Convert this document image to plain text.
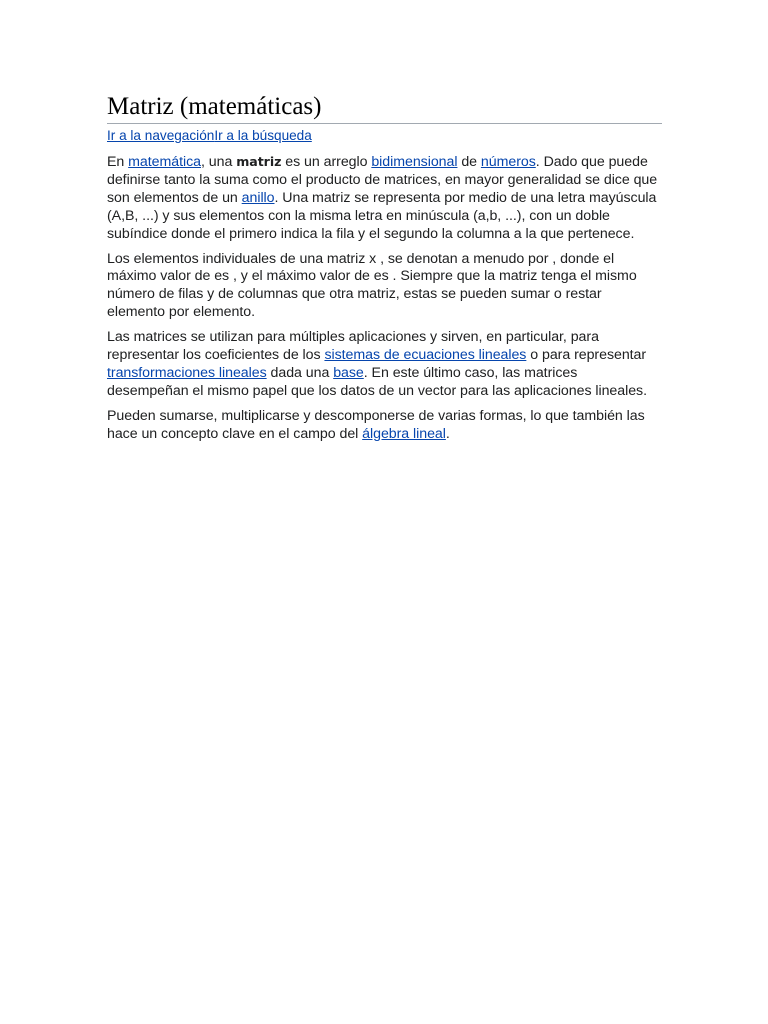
Matriz (matemáticas)
Ir a la navegaciónIr a la búsqueda

En matemática, una matriz es un arreglo bidimensional de números. Dado que puede definirse tanto la suma como el producto de matrices, en mayor generalidad se dice que son elementos de un anillo. Una matriz se representa por medio de una letra mayúscula (A,B, ...) y sus elementos con la misma letra en minúscula (a,b, ...), con un doble subíndice donde el primero indica la fila y el segundo la columna a la que pertenece.

Los elementos individuales de una matriz x , se denotan a menudo por , donde el máximo valor de es , y el máximo valor de es . Siempre que la matriz tenga el mismo número de filas y de columnas que otra matriz, estas se pueden sumar o restar elemento por elemento.

Las matrices se utilizan para múltiples aplicaciones y sirven, en particular, para representar los coeficientes de los sistemas de ecuaciones lineales o para representar transformaciones lineales dada una base. En este último caso, las matrices desempeñan el mismo papel que los datos de un vector para las aplicaciones lineales.

Pueden sumarse, multiplicarse y descomponerse de varias formas, lo que también las hace un concepto clave en el campo del álgebra lineal.
